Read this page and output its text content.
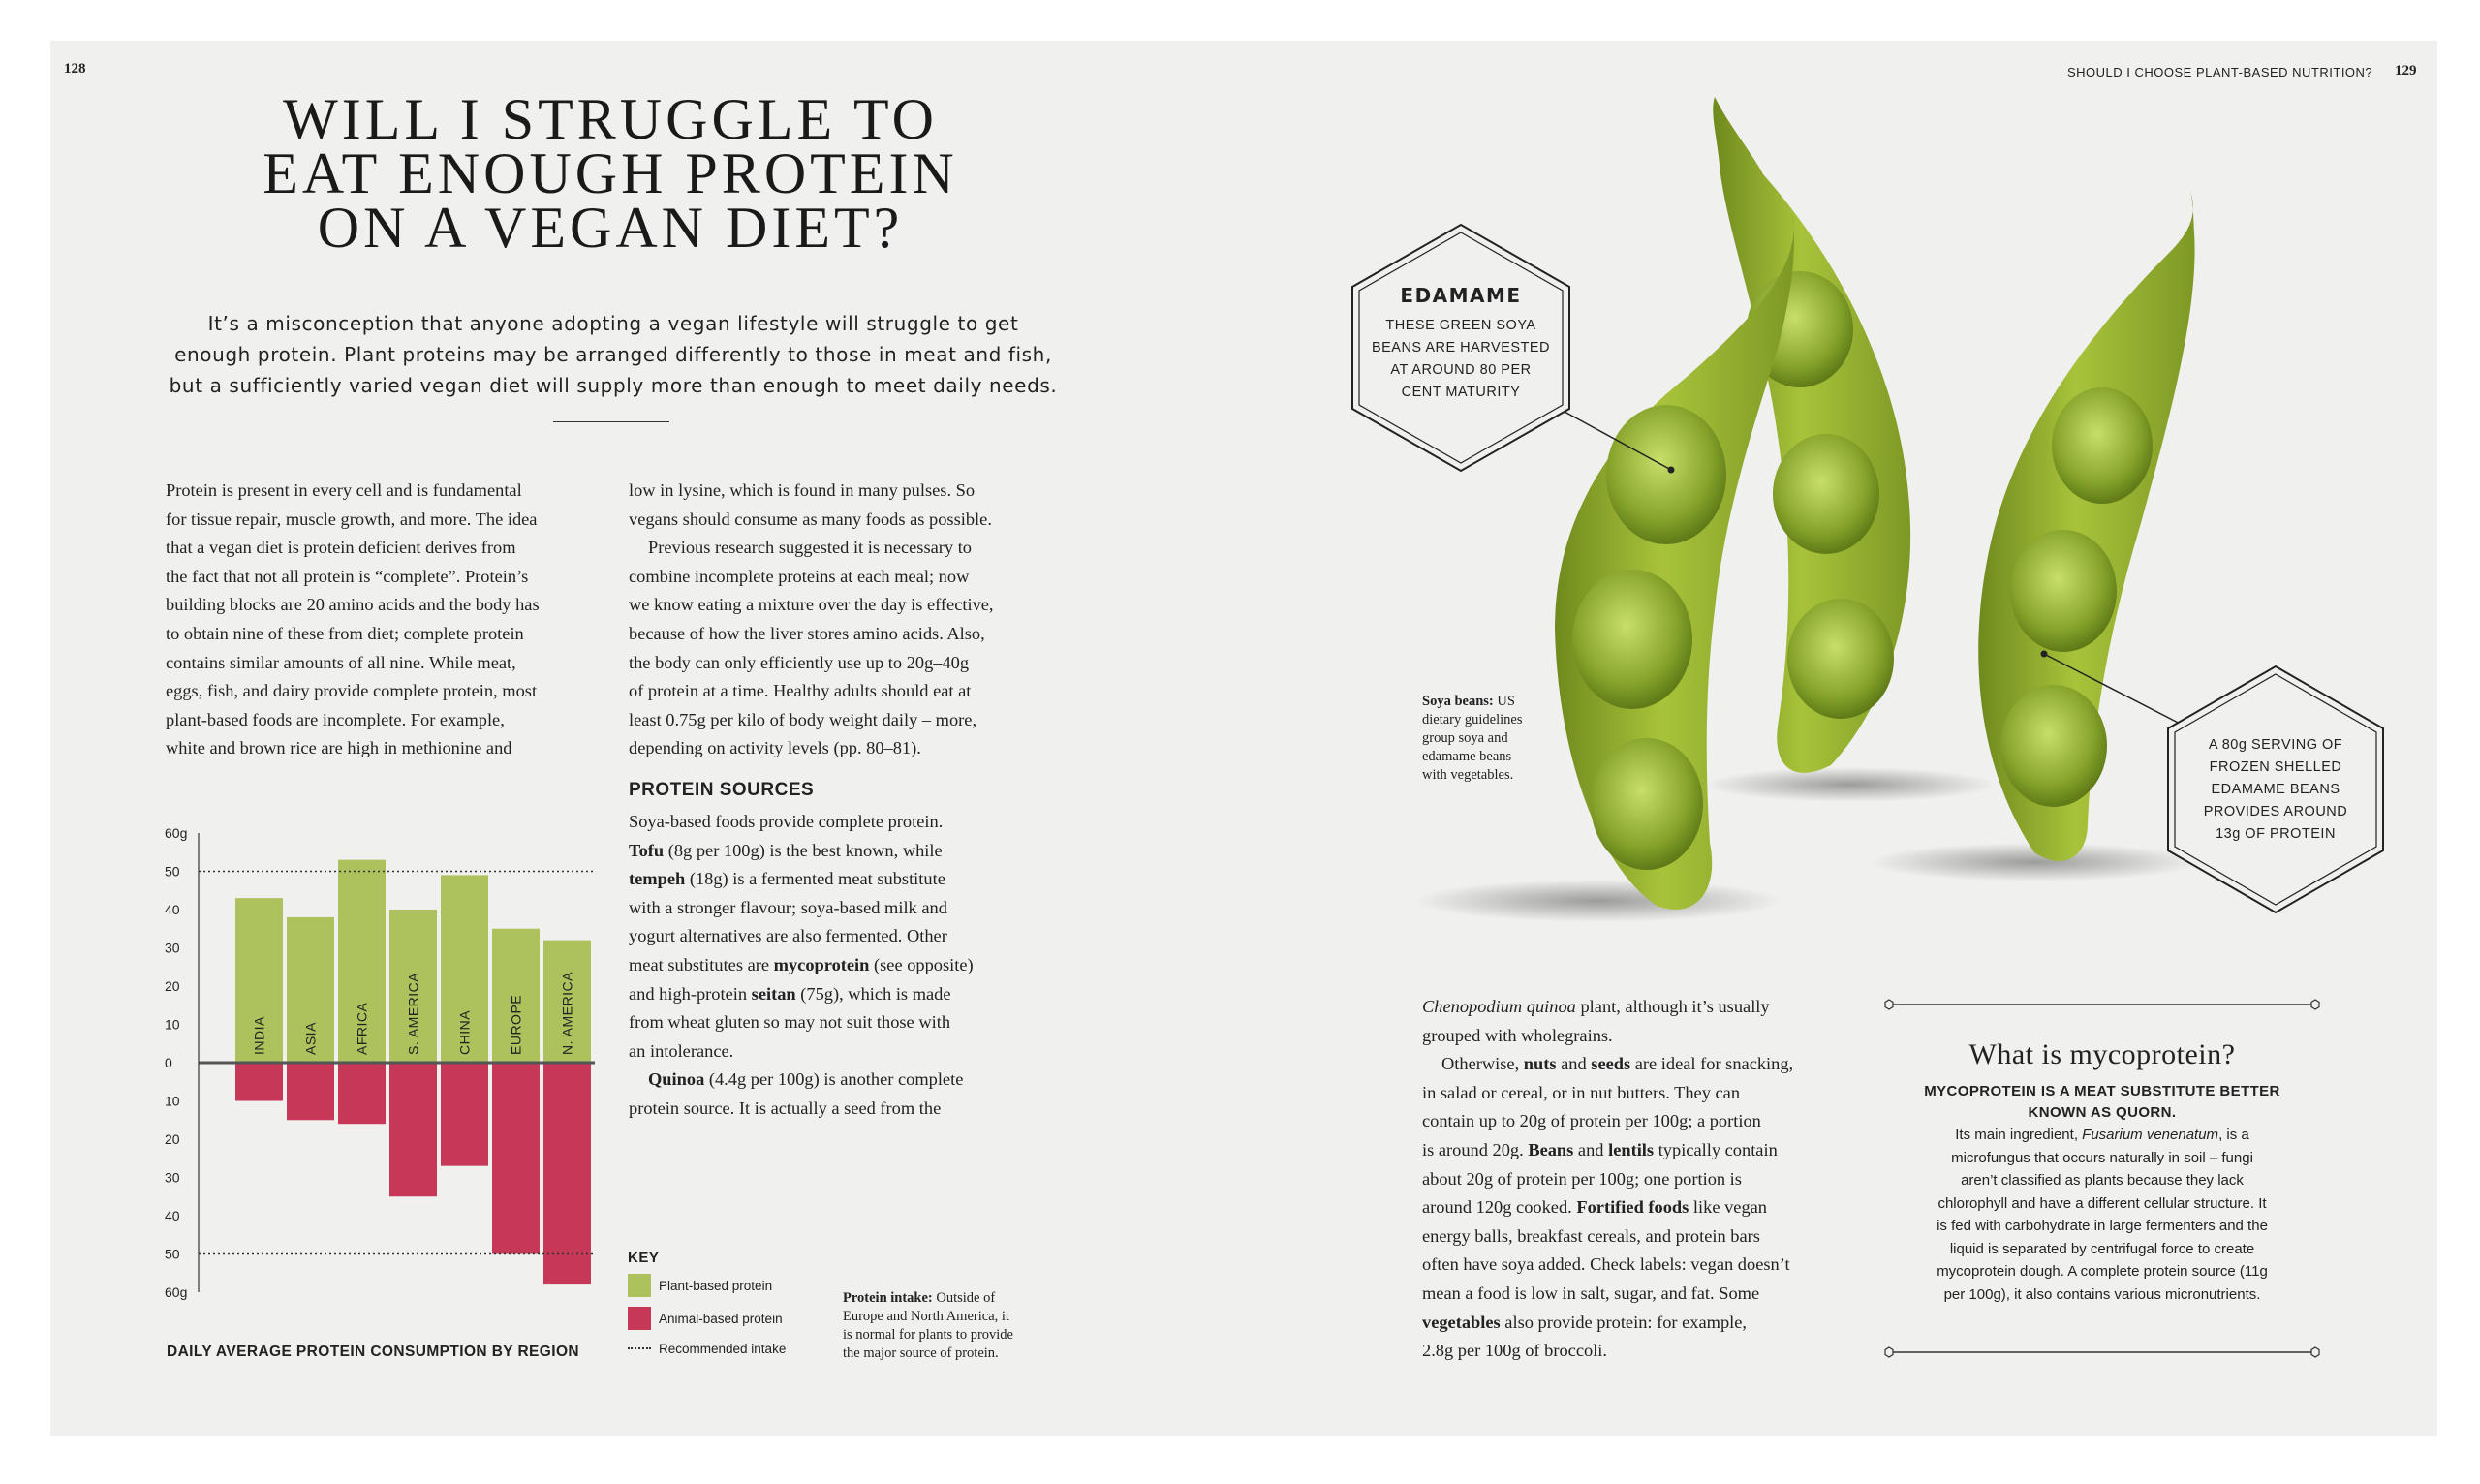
128
WILL I STRUGGLE TO
EAT ENOUGH PROTEIN
ON A VEGAN DIET?
It’s a misconception that anyone adopting a vegan lifestyle will struggle to get
enough protein. Plant proteins may be arranged differently to those in meat and fish,
but a sufficiently varied vegan diet will supply more than enough to meet daily needs.
Protein is present in every cell and is fundamental
for tissue repair, muscle growth, and more. The idea
that a vegan diet is protein deficient derives from
the fact that not all protein is “complete”. Protein’s
building blocks are 20 amino acids and the body has
to obtain nine of these from diet; complete protein
contains similar amounts of all nine. While meat,
eggs, fish, and dairy provide complete protein, most
plant-based foods are incomplete. For example,
white and brown rice are high in methionine and
low in lysine, which is found in many pulses. So
vegans should consume as many foods as possible.
Previous research suggested it is necessary to
combine incomplete proteins at each meal; now
we know eating a mixture over the day is effective,
because of how the liver stores amino acids. Also,
the body can only efficiently use up to 20g–40g
of protein at a time. Healthy adults should eat at
least 0.75g per kilo of body weight daily – more,
depending on activity levels (pp. 80–81).
PROTEIN SOURCES
Soya-based foods provide complete protein.
Tofu (8g per 100g) is the best known, while
tempeh (18g) is a fermented meat substitute
with a stronger flavour; soya-based milk and
yogurt alternatives are also fermented. Other
meat substitutes are mycoprotein (see opposite)
and high-protein seitan (75g), which is made
from wheat gluten so may not suit those with
an intolerance.
Quinoa (4.4g per 100g) is another complete
protein source. It is actually a seed from the
INDIA	ASIA	AFRICA	S. AMERICA	CHINA	EUROPE	N. AMERICA
60g
50
40
30
20
10
0
10
20
30
40
50
60g
DAILY AVERAGE PROTEIN CONSUMPTION BY REGION
KEY
Plant-based protein
Animal-based protein
Recommended intake
Protein intake: Outside of
Europe and North America, it
is normal for plants to provide
the major source of protein.
SHOULD I CHOOSE PLANT-BASED NUTRITION? 129
EDAMAME
THESE GREEN SOYA
BEANS ARE HARVESTED
AT AROUND 80 PER
CENT MATURITY
A 80g SERVING OF
FROZEN SHELLED
EDAMAME BEANS
PROVIDES AROUND
13g OF PROTEIN
Soya beans: US
dietary guidelines
group soya and
edamame beans
with vegetables.
Chenopodium quinoa plant, although it’s usually
grouped with wholegrains.
Otherwise, nuts and seeds are ideal for snacking,
in salad or cereal, or in nut butters. They can
contain up to 20g of protein per 100g; a portion
is around 20g. Beans and lentils typically contain
about 20g of protein per 100g; one portion is
around 120g cooked. Fortified foods like vegan
energy balls, breakfast cereals, and protein bars
often have soya added. Check labels: vegan doesn’t
mean a food is low in salt, sugar, and fat. Some
vegetables also provide protein: for example,
2.8g per 100g of broccoli.
What is mycoprotein?
MYCOPROTEIN IS A MEAT SUBSTITUTE BETTER
KNOWN AS QUORN.
Its main ingredient, Fusarium venenatum, is a
microfungus that occurs naturally in soil – fungi
aren’t classified as plants because they lack
chlorophyll and have a different cellular structure. It
is fed with carbohydrate in large fermenters and the
liquid is separated by centrifugal force to create
mycoprotein dough. A complete protein source (11g
per 100g), it also contains various micronutrients.
